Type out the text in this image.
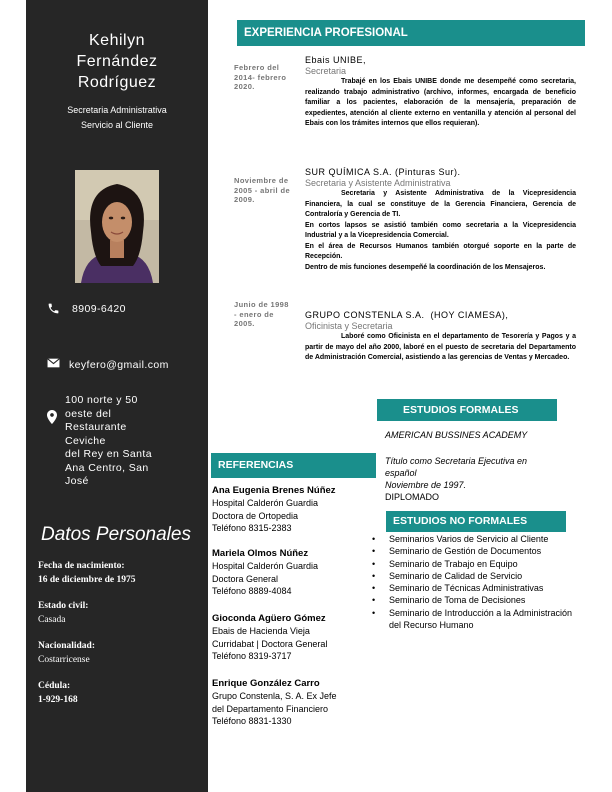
Kehilyn
Fernández
Rodríguez
Secretaria Administrativa
Servicio al Cliente
8909-6420
keyfero@gmail.com
100 norte y 50
oeste del
Restaurante
Ceviche
del Rey en Santa
Ana Centro, San
José
Datos Personales
Fecha de nacimiento:
16 de diciembre de 1975
Estado civil:
Casada
Nacionalidad:
Costarricense
Cédula:
1-929-168
EXPERIENCIA PROFESIONAL
Febrero del
2014- febrero
2020.
Ebais UNIBE,
Secretaria

Trabajé en los Ebais UNIBE donde me desempeñé como secretaria, realizando trabajo administrativo (archivo, informes, encargada de beneficio familiar a los pacientes, elaboración de la mensajería, preparación de expedientes, atención al cliente externo en ventanilla y atención al personal del Ebais con los trámites internos que ellos requieran).

Noviembre de
2005 - abril de
2009.
SUR QUÍMICA S.A. (Pinturas Sur).
Secretaria y Asistente Administrativa

Secretaria y Asistente Administrativa de la Vicepresidencia Financiera, la cual se constituye de la Gerencia Financiera, Gerencia de Contraloría y Gerencia de TI.

En cortos lapsos se asistió también como secretaria a la Vicepresidencia Industrial y a la Vicepresidencia Comercial.

En el área de Recursos Humanos también otorgué soporte en la parte de Recepción.

Dentro de mis funciones desempeñé la coordinación de los Mensajeros.

Junio de 1998
- enero de
2005.
GRUPO CONSTENLA S.A.  (HOY CIAMESA),
Oficinista y Secretaria

Laboré como Oficinista en el departamento de Tesorería y Pagos y a partir de mayo del año 2000, laboré en el puesto de secretaria del Departamento de Administración Comercial, asistiendo a las gerencias de Ventas y Mercadeo.

ESTUDIOS FORMALES
AMERICAN BUSSINES ACADEMY
Título como Secretaria Ejecutiva en
español
Noviembre de 1997.
DIPLOMADO
REFERENCIAS
Ana Eugenia Brenes Núñez
Hospital Calderón Guardia
Doctora de Ortopedia
Teléfono 8315-2383
Mariela Olmos Núñez
Hospital Calderón Guardia
Doctora General
Teléfono 8889-4084
Gioconda Agüero Gómez
Ebais de Hacienda Vieja
Curridabat | Doctora General
Teléfono 8319-3717
Enrique González Carro
Grupo Constenla, S. A. Ex Jefe
del Departamento Financiero
Teléfono 8831-1330
ESTUDIOS NO FORMALES
• Seminarios Varios de Servicio al Cliente
• Seminario de Gestión de Documentos
• Seminario de Trabajo en Equipo
• Seminario de Calidad de Servicio
• Seminario de Técnicas Administrativas
• Seminario de Toma de Decisiones
• Seminario de Introducción a la Administración del Recurso Humano
